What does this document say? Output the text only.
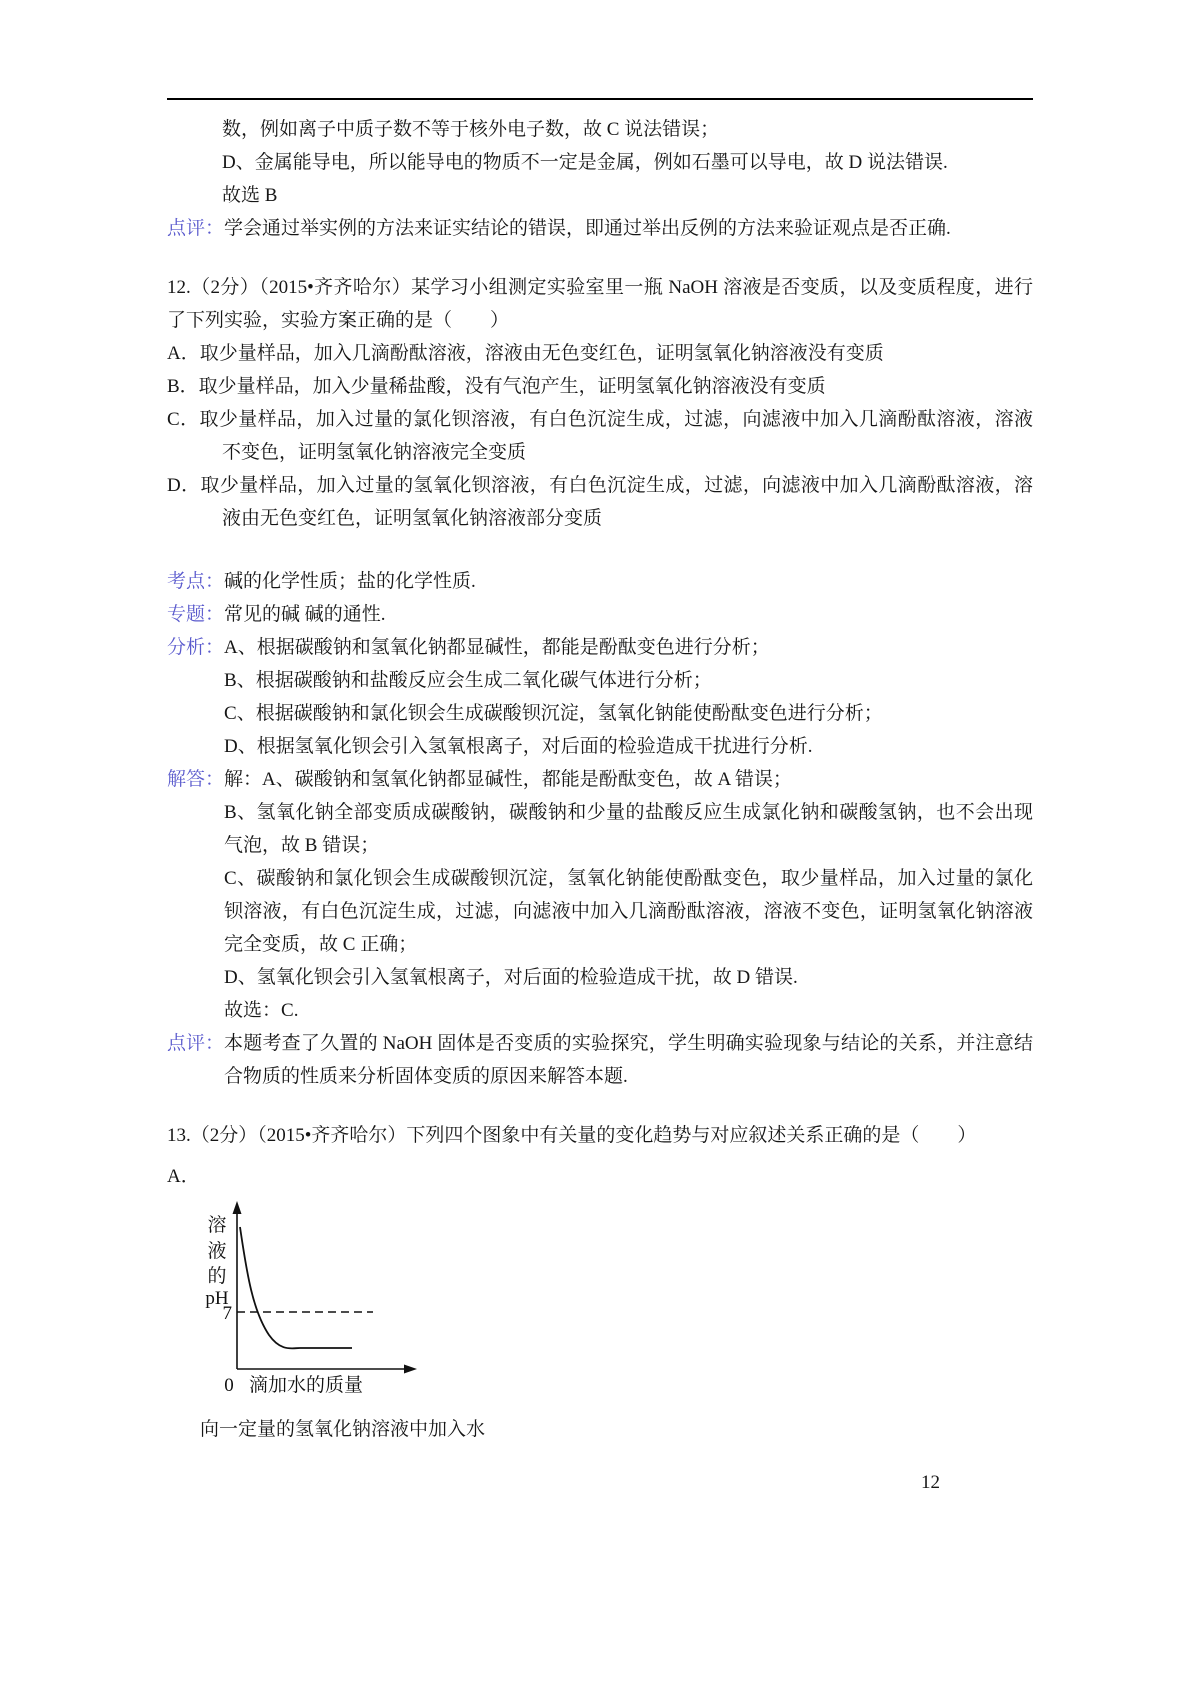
数，例如离子中质子数不等于核外电子数，故 C 说法错误；

D、金属能导电，所以能导电的物质不一定是金属，例如石墨可以导电，故 D 说法错误.

故选 B

点评： 学会通过举实例的方法来证实结论的错误，即通过举出反例的方法来验证观点是否正确.

12.（2分）（2015•齐齐哈尔）某学习小组测定实验室里一瓶 NaOH 溶液是否变质，以及变质程度，进行了下列实验，实验方案正确的是（　　）

A．取少量样品，加入几滴酚酞溶液，溶液由无色变红色，证明氢氧化钠溶液没有变质

B．取少量样品，加入少量稀盐酸，没有气泡产生，证明氢氧化钠溶液没有变质

C．取少量样品，加入过量的氯化钡溶液，有白色沉淀生成，过滤，向滤液中加入几滴酚酞溶液，溶液不变色，证明氢氧化钠溶液完全变质

D．取少量样品，加入过量的氢氧化钡溶液，有白色沉淀生成，过滤，向滤液中加入几滴酚酞溶液，溶液由无色变红色，证明氢氧化钠溶液部分变质

考点： 碱的化学性质；盐的化学性质.

专题： 常见的碱 碱的通性.

分析： A、根据碳酸钠和氢氧化钠都显碱性，都能是酚酞变色进行分析；

B、根据碳酸钠和盐酸反应会生成二氧化碳气体进行分析；

C、根据碳酸钠和氯化钡会生成碳酸钡沉淀，氢氧化钠能使酚酞变色进行分析；

D、根据氢氧化钡会引入氢氧根离子，对后面的检验造成干扰进行分析.

解答： 解：A、碳酸钠和氢氧化钠都显碱性，都能是酚酞变色，故 A 错误；

B、氢氧化钠全部变质成碳酸钠，碳酸钠和少量的盐酸反应生成氯化钠和碳酸氢钠，也不会出现气泡，故 B 错误；

C、碳酸钠和氯化钡会生成碳酸钡沉淀，氢氧化钠能使酚酞变色，取少量样品，加入过量的氯化钡溶液，有白色沉淀生成，过滤，向滤液中加入几滴酚酞溶液，溶液不变色，证明氢氧化钠溶液完全变质，故 C 正确；

D、氢氧化钡会引入氢氧根离子，对后面的检验造成干扰，故 D 错误.

故选：C.

点评： 本题考查了久置的 NaOH 固体是否变质的实验探究，学生明确实验现象与结论的关系，并注意结合物质的性质来分析固体变质的原因来解答本题.

13.（2分）（2015•齐齐哈尔）下列四个图象中有关量的变化趋势与对应叙述关系正确的是（　　）

A．

溶
液
的
pH
7
0 滴加水的质量

向一定量的氢氧化钠溶液中加入水

12
